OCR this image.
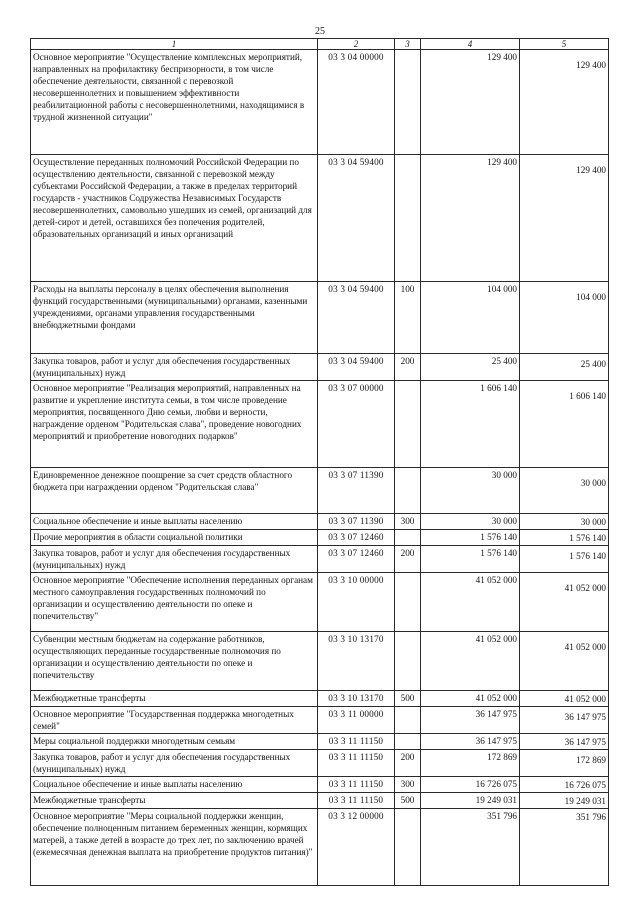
25
1	2	3	4	5
Основное мероприятие "Осуществление комплексных мероприятий, направленных на профилактику беспризорности, в том числе обеспечение деятельности, связанной с перевозкой несовершеннолетних и повышением эффективности реабилитационной работы с несовершеннолетними, находящимися в трудной жизненной ситуации"	03 3 04 00000		129 400	129 400

Осуществление переданных полномочий Российской Федерации по осуществлению деятельности, связанной с перевозкой между субъектами Российской Федерации, а также в пределах территорий государств - участников Содружества Независимых Государств несовершеннолетних, самовольно ушедших из семей, организаций для детей-сирот и детей, оставшихся без попечения родителей, образовательных организаций и иных организаций	03 3 04 59400		129 400	129 400

Расходы на выплаты персоналу в целях обеспечения выполнения функций государственными (муниципальными) органами, казенными учреждениями, органами управления государственными внебюджетными фондами	03 3 04 59400	100	104 000	104 000

Закупка товаров, работ и услуг для обеспечения государственных (муниципальных) нужд	03 3 04 59400	200	25 400	25 400

Основное мероприятие "Реализация мероприятий, направленных на развитие и укрепление института семьи, в том числе проведение мероприятия, посвященного Дню семьи, любви и верности, награждение орденом "Родительская слава", проведение новогодних мероприятий и приобретение новогодних подарков"	03 3 07 00000		1 606 140	1 606 140

Единовременное денежное поощрение за счет средств областного бюджета при награждении орденом "Родительская слава"	03 3 07 11390		30 000	30 000

Социальное обеспечение и иные выплаты населению	03 3 07 11390	300	30 000	30 000

Прочие мероприятия в области социальной политики	03 3 07 12460		1 576 140	1 576 140

Закупка товаров, работ и услуг для обеспечения государственных (муниципальных) нужд	03 3 07 12460	200	1 576 140	1 576 140

Основное мероприятие "Обеспечение исполнения переданных органам местного самоуправления государственных полномочий по организации и осуществлению деятельности по опеке и попечительству"	03 3 10 00000		41 052 000	41 052 000

Субвенции местным бюджетам на содержание работников, осуществляющих переданные государственные полномочия по организации и осуществлению деятельности по опеке и попечительству	03 3 10 13170		41 052 000	41 052 000

Межбюджетные трансферты	03 3 10 13170	500	41 052 000	41 052 000

Основное мероприятие "Государственная поддержка многодетных семей"	03 3 11 00000		36 147 975	36 147 975

Меры социальной поддержки многодетным семьям	03 3 11 11150		36 147 975	36 147 975

Закупка товаров, работ и услуг для обеспечения государственных (муниципальных) нужд	03 3 11 11150	200	172 869	172 869

Социальное обеспечение и иные выплаты населению	03 3 11 11150	300	16 726 075	16 726 075

Межбюджетные трансферты	03 3 11 11150	500	19 249 031	19 249 031

Основное мероприятие "Меры социальной поддержки женщин, обеспечение полноценным питанием беременных женщин, кормящих матерей, а также детей в возрасте до трех лет, по заключению врачей (ежемесячная денежная выплата на приобретение продуктов питания)"	03 3 12 00000		351 796	351 796
